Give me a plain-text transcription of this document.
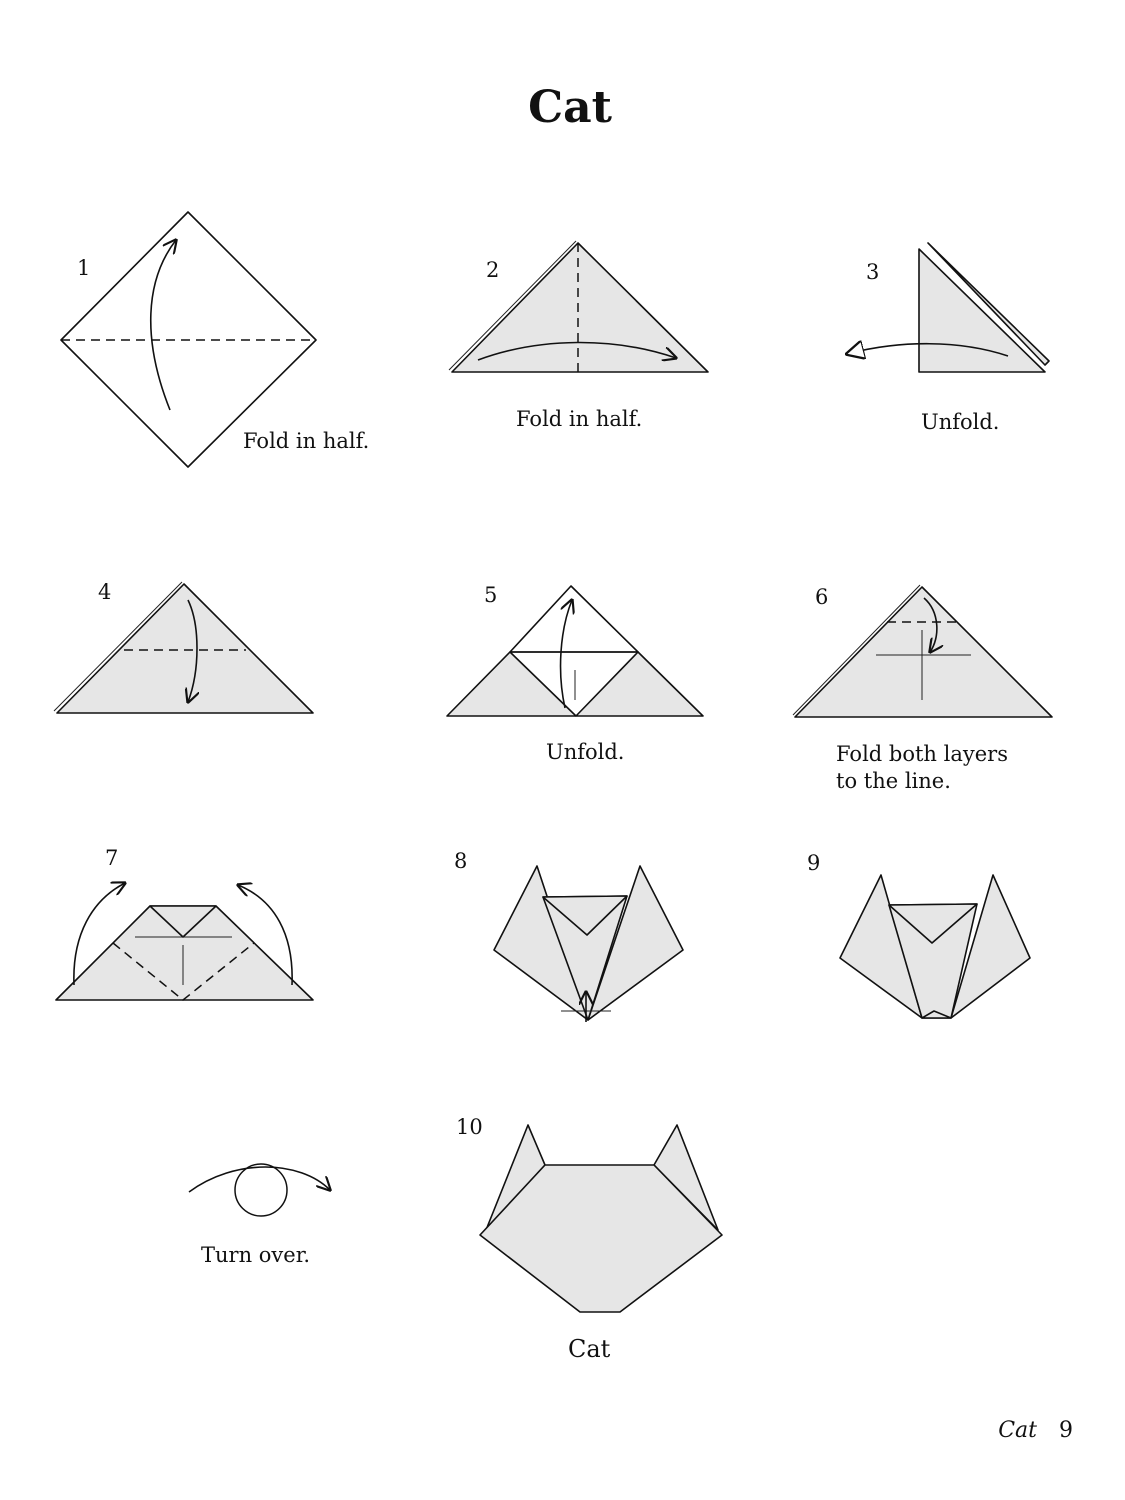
Cat
1	2	3
4	5	6
7	8	9
10
Fold in half.
Fold in half.	Unfold.
Unfold.	Fold both layers
to the line.
Turn over.
Cat
Cat 9
